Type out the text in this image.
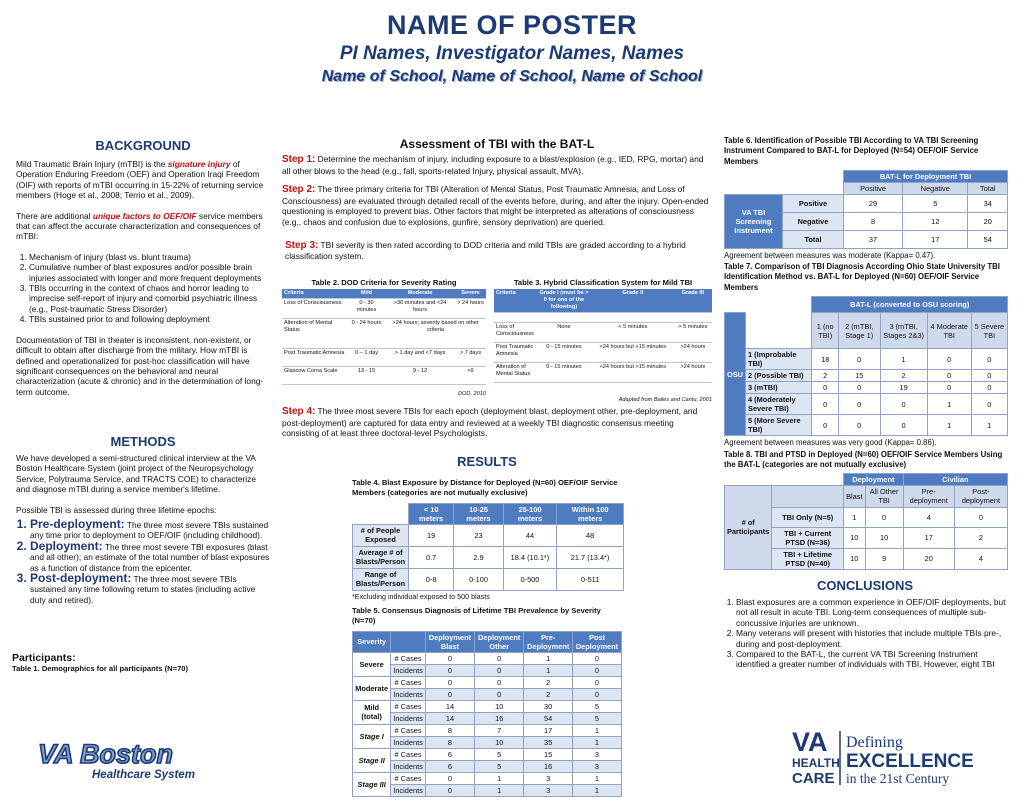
NAME OF POSTER
PI Names, Investigator Names, Names
Name of School, Name of School, Name of School
BACKGROUND
Mild Traumatic Brain Injury (mTBI) is the signature injury of Operation Enduring Freedom (OEF) and Operation Iraqi Freedom (OIF) with reports of mTBI occurring in 15-22% of returning service members (Hoge et al., 2008; Terrio et al., 2009).
There are additional unique factors to OEF/OIF service members that can affect the accurate characterization and consequences of mTBI:
1. Mechanism of injury (blast vs. blunt trauma)
2. Cumulative number of blast exposures and/or possible brain injuries associated with longer and more frequent deployments
3. TBIs occurring in the context of chaos and horror leading to imprecise self-report of injury and comorbid psychiatric illness (e.g., Post-traumatic Stress Disorder)
4. TBIs sustained prior to and following deployment
Documentation of TBI in theater is inconsistent, non-existent, or difficult to obtain after discharge from the military. How mTBI is defined and operationalized for post-hoc classification will have significant consequences on the behavioral and neural characterization (acute & chronic) and in the determination of long-term outcome.
METHODS
We have developed a semi-structured clinical interview at the VA Boston Healthcare System (joint project of the Neuropsychology Service, Polytrauma Service, and TRACTS COE) to characterize and diagnose mTBI during a service member's lifetime.
Possible TBI is assessed during three lifetime epochs:
1. Pre-deployment: The three most severe TBIs sustained any time prior to deployment to OEF/OIF (including childhood).
2. Deployment: The three most severe TBI exposures (blast and all other); an estimate of the total number of blast exposures as a function of distance from the epicenter.
3. Post-deployment: The three most severe TBIs sustained any time following return to states (including active duty and retired).
Participants:
Table 1. Demographics for all participants (N=70)
VA Boston
Healthcare System
Assessment of TBI with the BAT-L
Step 1: Determine the mechanism of injury, including exposure to a blast/explosion (e.g., IED, RPG, mortar) and all other blows to the head (e.g., fall, sports-related Injury, physical assault, MVA).
Step 2: The three primary criteria for TBI (Alteration of Mental Status, Post Traumatic Amnesia, and Loss of Consciousness) are evaluated through detailed recall of the events before, during, and after the injury. Open-ended questioning is employed to prevent bias. Other factors that might be interpreted as alterations of consciousness (e.g., chaos and confusion due to explosions, gunfire, sensory deprivation) are queried.
Step 3: TBI severity is then rated according to DOD criteria and mild TBIs are graded according to a hybrid classification system.
Table 2. DOD Criteria for Severity Rating
Criteria	Mild	Moderate	Severe
Loss of Consciousness	0 - 30 minutes	>30 minutes and <24 hours	> 24 hours
Alteration of Mental Status	0 - 24 hours	>24 hours; severity based on other criteria	
Post Traumatic Amnesia	0 – 1 day	> 1 day and <7 days	> 7 days
Glascow Coma Scale	13 - 15	9 - 12	<9
DOD, 2010
Table 3. Hybrid Classification System for Mild TBI
Criteria	Grade I (must be > 0 for one of the following)	Grade II	Grade III

Loss of Consciousness	None	< 5 minutes	> 5 minutes
Post Traumatic Amnesia	0 - 15 minutes	<24 hours but >15 minutes	>24 hours
Alteration of Mental Status	0 - 15 minutes	<24 hours but >15 minutes	>24 hours
Adapted from Bailes and Cantu, 2001
Step 4: The three most severe TBIs for each epoch (deployment blast, deployment other, pre-deployment, and post-deployment) are captured for data entry and reviewed at a weekly TBI diagnostic consensus meeting consisting of at least three doctoral-level Psychologists.
RESULTS
Table 4. Blast Exposure by Distance for Deployed (N=60) OEF/OIF Service Members (categories are not mutually exclusive)
	< 10 meters	10-25 meters	25-100 meters	Within 100 meters
# of People Exposed	19	23	44	48
Average # of Blasts/Person	0.7	2.9	18.4 (10.1*)	21.7 (13.4*)
Range of Blasts/Person	0-8	0-100	0-500	0-511
*Excluding individual exposed to 500 blasts
Table 5. Consensus Diagnosis of Lifetime TBI Prevalence by Severity (N=70)
Severity		Deployment Blast	Deployment Other	Pre-Deployment	Post Deployment
Severe	# Cases	0	0	1	0
	Incidents	0	0	1	0
Moderate	# Cases	0	0	2	0
	Incidents	0	0	2	0
Mild (total)	# Cases	14	10	30	5
	Incidents	14	16	54	5
Stage I	# Cases	8	7	17	1
	Incidents	8	10	35	1
Stage II	# Cases	6	5	15	3
	Incidents	6	5	16	3
Stage III	# Cases	0	1	3	1
	Incidents	0	1	3	1
Table 6. Identification of Possible TBI According to VA TBI Screening Instrument Compared to BAT-L for Deployed (N=54) OEF/OIF Service Members
		BAT-L for Deployment TBI		
		Positive	Negative	Total
VA TBI Screening Instrument	Positive	29	5	34
	Negative	8	12	20
	Total	37	17	54
Agreement between measures was moderate (Kappa= 0.47).
Table 7. Comparison of TBI Diagnosis According Ohio State University TBI Identification Method vs. BAT-L for Deployed (N=60) OEF/OIF Service Members
		BAT-L (converted to OSU scoring)				
OSU		1 (no TBI)	2 (mTBI, Stage 1)	3 (mTBI, Stages 2&3)	4 Moderate TBI	5 Severe TBI
	1 (Improbable TBI)	18	0	1	0	0
	2 (Possible TBI)	2	15	2	0	0
	3 (mTBI)	0	0	19	0	0
	4 (Moderately Severe TBI)	0	0	0	1	0
	5 (More Severe TBI)	0	0	0	1	1
Agreement between measures was very good (Kappa= 0.86).
Table 8. TBI and PTSD in Deployed (N=60) OEF/OIF Service Members Using the BAT-L (categories are not mutually exclusive)
		Deployment		Civilian	
# of Participants		Blast	All Other TBI	Pre-deployment	Post-deployment
	TBI Only (N=5)	1	0	4	0
	TBI + Current PTSD (N=36)	10	10	17	2
	TBI + Lifetime PTSD (N=40)	10	9	20	4
CONCLUSIONS
1. Blast exposures are a common experience in OEF/OIF deployments, but not all result in acute TBI. Long-term consequences of multiple sub-concussive injuries are unknown.
2. Many veterans will present with histories that include multiple TBIs pre-, during and post-deployment.
3. Compared to the BAT-L, the current VA TBI Screening Instrument identified a greater number of individuals with TBI. However, eight TBI
VA
HEALTH
CARE
Defining
EXCELLENCE
in the 21st Century
